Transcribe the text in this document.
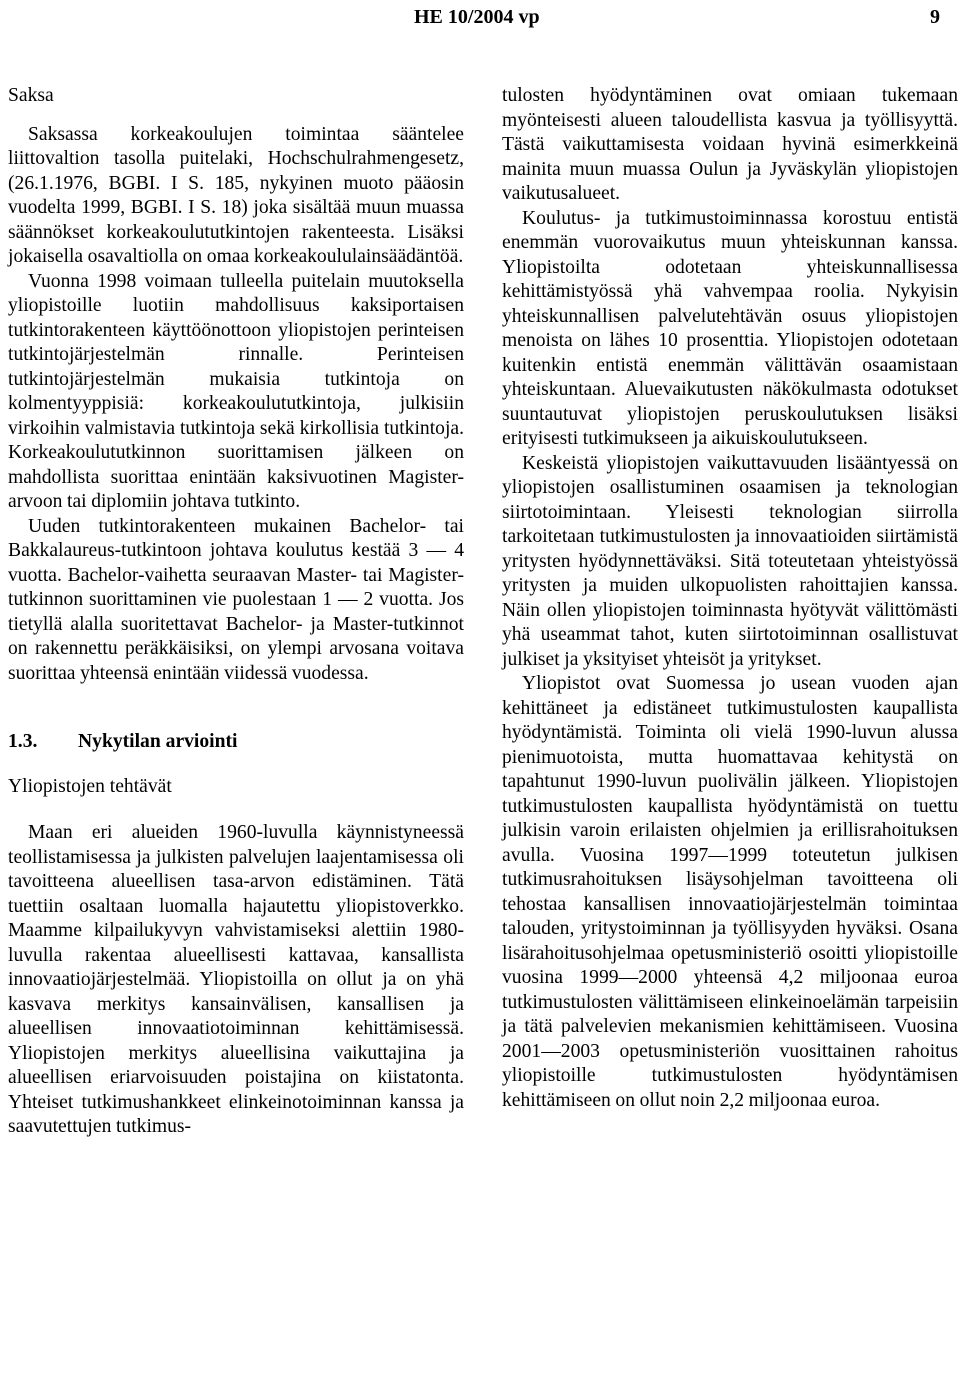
HE 10/2004 vp	9
Saksa

Saksassa korkeakoulujen toimintaa sääntelee liittovaltion tasolla puitelaki, Hochschulrahmengesetz, (26.1.1976, BGBI. I S. 185, nykyinen muoto pääosin vuodelta 1999, BGBI. I S. 18) joka sisältää muun muassa säännökset korkeakoulututkintojen rakenteesta. Lisäksi jokaisella osavaltiolla on omaa korkeakoululainsäädäntöä.

Vuonna 1998 voimaan tulleella puitelain muutoksella yliopistoille luotiin mahdollisuus kaksiportaisen tutkintorakenteen käyttöönottoon yliopistojen perinteisen tutkintojärjestelmän rinnalle. Perinteisen tutkintojärjestelmän mukaisia tutkintoja on kolmentyyppisiä: korkeakoulututkintoja, julkisiin virkoihin valmistavia tutkintoja sekä kirkollisia tutkintoja. Korkeakoulututkinnon suorittamisen jälkeen on mahdollista suorittaa enintään kaksivuotinen Magister-arvoon tai diplomiin johtava tutkinto.

Uuden tutkintorakenteen mukainen Bachelor- tai Bakkalaureus-tutkintoon johtava koulutus kestää 3 — 4 vuotta. Bachelor-vaihetta seuraavan Master- tai Magister-tutkinnon suorittaminen vie puolestaan 1 — 2 vuotta. Jos tietyllä alalla suoritettavat Bachelor- ja Master-tutkinnot on rakennettu peräkkäisiksi, on ylempi arvosana voitava suorittaa yhteensä enintään viidessä vuodessa.

1.3. Nykytilan arviointi
Yliopistojen tehtävät

Maan eri alueiden 1960-luvulla käynnistyneessä teollistamisessa ja julkisten palvelujen laajentamisessa oli tavoitteena alueellisen tasa-arvon edistäminen. Tätä tuettiin osaltaan luomalla hajautettu yliopistoverkko. Maamme kilpailukyvyn vahvistamiseksi alettiin 1980-luvulla rakentaa alueellisesti kattavaa, kansallista innovaatiojärjestelmää. Yliopistoilla on ollut ja on yhä kasvava merkitys kansainvälisen, kansallisen ja alueellisen innovaatiotoiminnan kehittämisessä. Yliopistojen merkitys alueellisina vaikuttajina ja alueellisen eriarvoisuuden poistajina on kiistatonta. Yhteiset tutkimushankkeet elinkeinotoiminnan kanssa ja saavutettujen tutkimus-

tulosten hyödyntäminen ovat omiaan tukemaan myönteisesti alueen taloudellista kasvua ja työllisyyttä. Tästä vaikuttamisesta voidaan hyvinä esimerkkeinä mainita muun muassa Oulun ja Jyväskylän yliopistojen vaikutusalueet.

Koulutus- ja tutkimustoiminnassa korostuu entistä enemmän vuorovaikutus muun yhteiskunnan kanssa. Yliopistoilta odotetaan yhteiskunnallisessa kehittämistyössä yhä vahvempaa roolia. Nykyisin yhteiskunnallisen palvelutehtävän osuus yliopistojen menoista on lähes 10 prosenttia. Yliopistojen odotetaan kuitenkin entistä enemmän välittävän osaamistaan yhteiskuntaan. Aluevaikutusten näkökulmasta odotukset suuntautuvat yliopistojen peruskoulutuksen lisäksi erityisesti tutkimukseen ja aikuiskoulutukseen.

Keskeistä yliopistojen vaikuttavuuden lisääntyessä on yliopistojen osallistuminen osaamisen ja teknologian siirtotoimintaan. Yleisesti teknologian siirrolla tarkoitetaan tutkimustulosten ja innovaatioiden siirtämistä yritysten hyödynnettäväksi. Sitä toteutetaan yhteistyössä yritysten ja muiden ulkopuolisten rahoittajien kanssa. Näin ollen yliopistojen toiminnasta hyötyvät välittömästi yhä useammat tahot, kuten siirtotoiminnan osallistuvat julkiset ja yksityiset yhteisöt ja yritykset.

Yliopistot ovat Suomessa jo usean vuoden ajan kehittäneet ja edistäneet tutkimustulosten kaupallista hyödyntämistä. Toiminta oli vielä 1990-luvun alussa pienimuotoista, mutta huomattavaa kehitystä on tapahtunut 1990-luvun puolivälin jälkeen. Yliopistojen tutkimustulosten kaupallista hyödyntämistä on tuettu julkisin varoin erilaisten ohjelmien ja erillisrahoituksen avulla. Vuosina 1997—1999 toteutetun julkisen tutkimusrahoituksen lisäysohjelman tavoitteena oli tehostaa kansallisen innovaatiojärjestelmän toimintaa talouden, yritystoiminnan ja työllisyyden hyväksi. Osana lisärahoitusohjelmaa opetusministeriö osoitti yliopistoille vuosina 1999—2000 yhteensä 4,2 miljoonaa euroa tutkimustulosten välittämiseen elinkeinoelämän tarpeisiin ja tätä palvelevien mekanismien kehittämiseen. Vuosina 2001—2003 opetusministeriön vuosittainen rahoitus yliopistoille tutkimustulosten hyödyntämisen kehittämiseen on ollut noin 2,2 miljoonaa euroa.
